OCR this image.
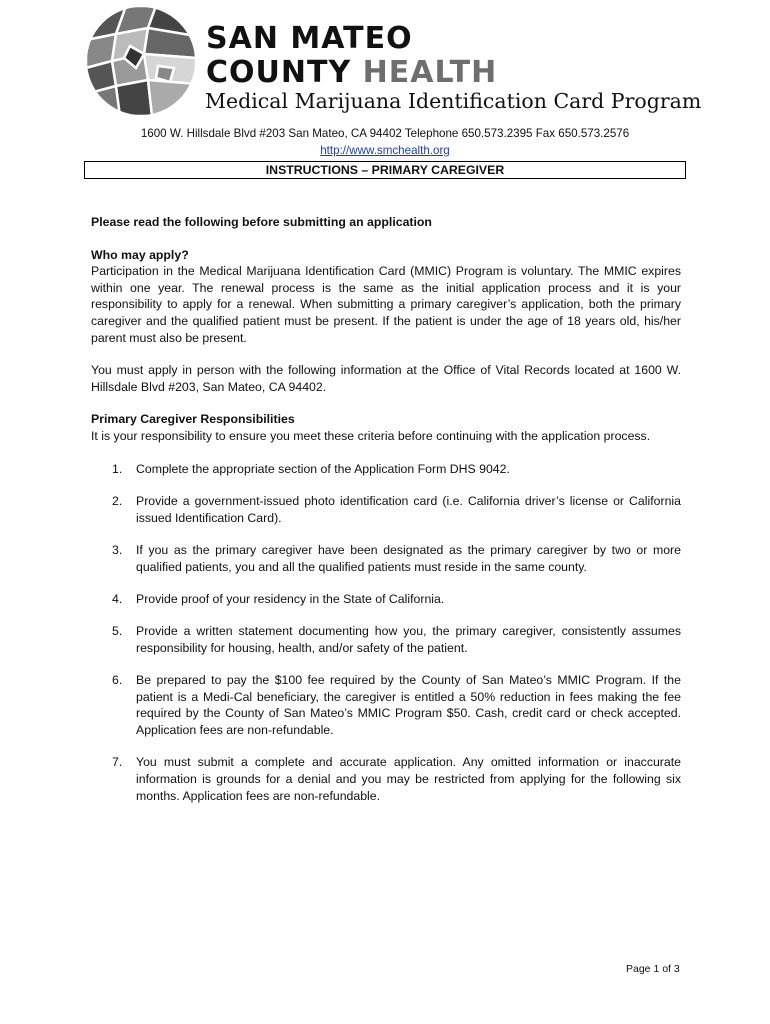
SAN MATEO
COUNTY HEALTH
Medical Marijuana Identification Card Program
1600 W. Hillsdale Blvd #203 San Mateo, CA 94402 Telephone 650.573.2395 Fax 650.573.2576
http://www.smchealth.org
INSTRUCTIONS – PRIMARY CAREGIVER

Please read the following before submitting an application

Who may apply?

Participation in the Medical Marijuana Identification Card (MMIC) Program is voluntary. The MMIC expires within one year. The renewal process is the same as the initial application process and it is your responsibility to apply for a renewal. When submitting a primary caregiver’s application, both the primary caregiver and the qualified patient must be present. If the patient is under the age of 18 years old, his/her parent must also be present.

You must apply in person with the following information at the Office of Vital Records located at 1600 W. Hillsdale Blvd #203, San Mateo, CA 94402.

Primary Caregiver Responsibilities

It is your responsibility to ensure you meet these criteria before continuing with the application process.

1. Complete the appropriate section of the Application Form DHS 9042.
2. Provide a government-issued photo identification card (i.e. California driver’s license or California issued Identification Card).
3. If you as the primary caregiver have been designated as the primary caregiver by two or more qualified patients, you and all the qualified patients must reside in the same county.
4. Provide proof of your residency in the State of California.
5. Provide a written statement documenting how you, the primary caregiver, consistently assumes responsibility for housing, health, and/or safety of the patient.
6. Be prepared to pay the $100 fee required by the County of San Mateo’s MMIC Program. If the patient is a Medi-Cal beneficiary, the caregiver is entitled a 50% reduction in fees making the fee required by the County of San Mateo’s MMIC Program $50. Cash, credit card or check accepted. Application fees are non-refundable.
7. You must submit a complete and accurate application. Any omitted information or inaccurate information is grounds for a denial and you may be restricted from applying for the following six months. Application fees are non-refundable.
Page 1 of 3
